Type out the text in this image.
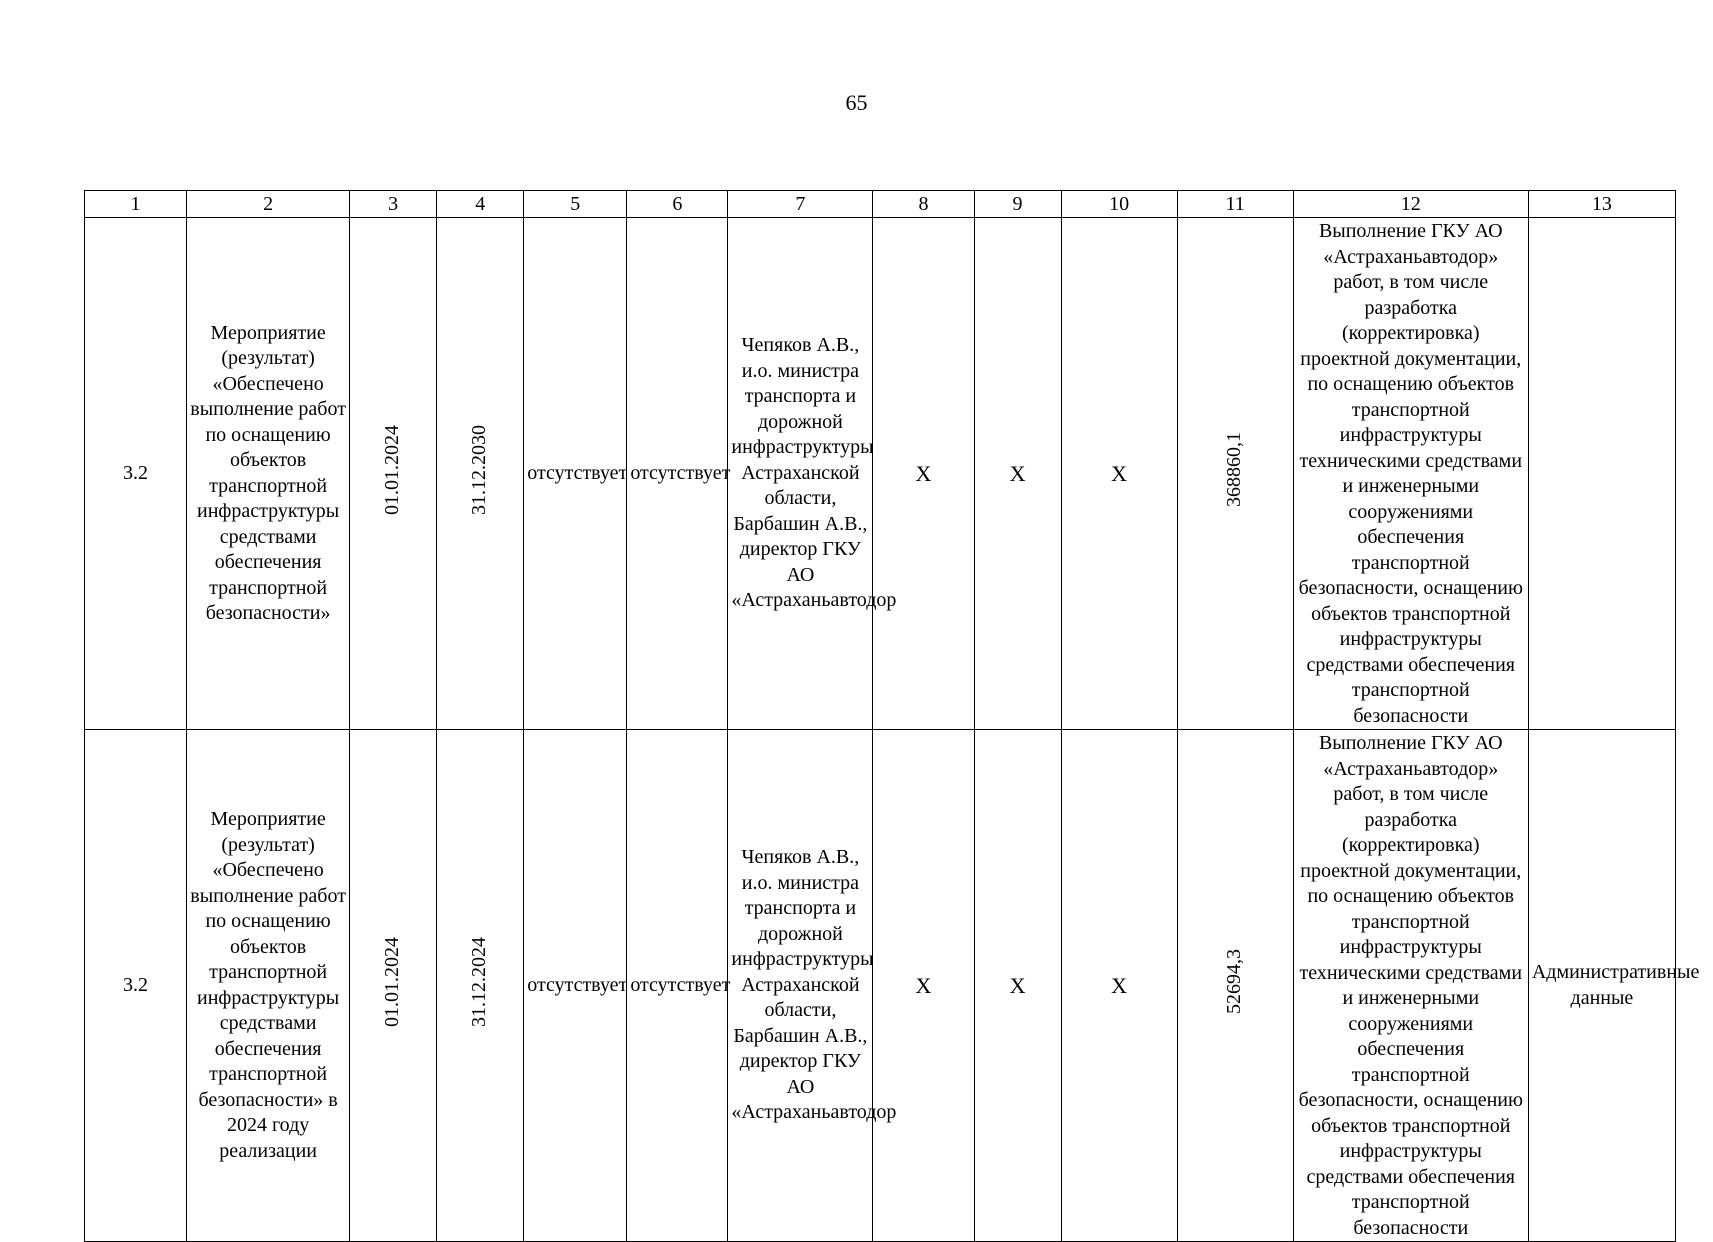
65
1	2	3	4	5	6	7	8	9	10	11	12	13
3.2	Мероприятие (результат) «Обеспечено выполнение работ по оснащению объектов транспортной инфраструктуры средствами обеспечения транспортной безопасности»	01.01.2024	31.12.2030	отсутствует	отсутствует	Чепяков А.В., и.о. министра транспорта и дорожной инфраструктуры Астраханской области, Барбашин А.В., директор ГКУ АО «Астраханьавтодор	Х	Х	Х	368860,1	Выполнение ГКУ АО «Астраханьавтодор» работ, в том числе разработка (корректировка) проектной документации, по оснащению объектов транспортной инфраструктуры техническими средствами и инженерными сооружениями обеспечения транспортной безопасности, оснащению объектов транспортной инфраструктуры средствами обеспечения транспортной безопасности	
3.2	Мероприятие (результат) «Обеспечено выполнение работ по оснащению объектов транспортной инфраструктуры средствами обеспечения транспортной безопасности» в 2024 году реализации	01.01.2024	31.12.2024	отсутствует	отсутствует	Чепяков А.В., и.о. министра транспорта и дорожной инфраструктуры Астраханской области, Барбашин А.В., директор ГКУ АО «Астраханьавтодор	Х	Х	Х	52694,3	Выполнение ГКУ АО «Астраханьавтодор» работ, в том числе разработка (корректировка) проектной документации, по оснащению объектов транспортной инфраструктуры техническими средствами и инженерными сооружениями обеспечения транспортной безопасности, оснащению объектов транспортной инфраструктуры средствами обеспечения транспортной безопасности	Административные данные
